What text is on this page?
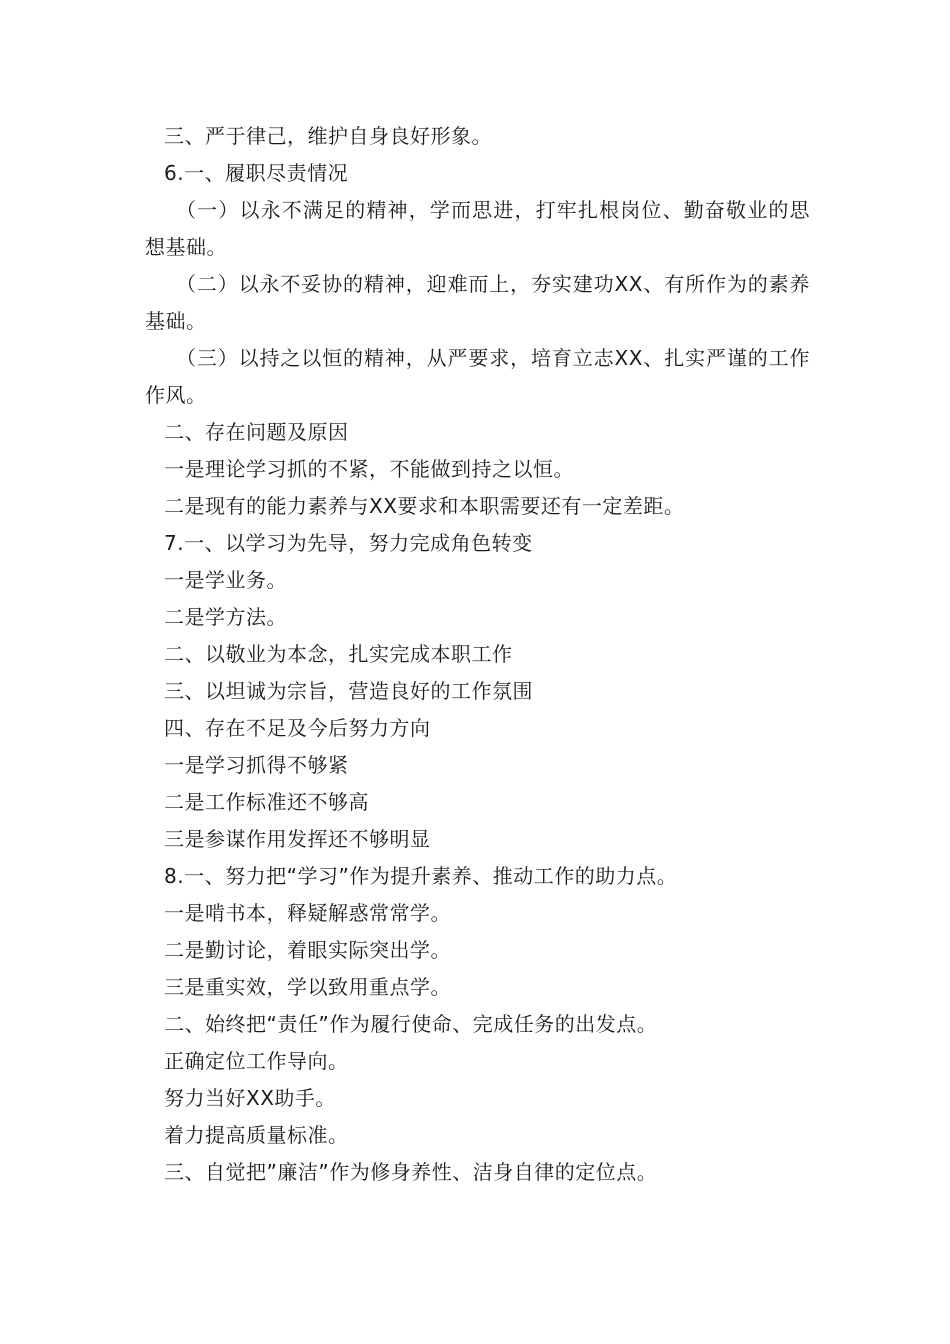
三、严于律己，维护自身良好形象。
6.一、履职尽责情况
（一）以永不满足的精神，学而思进，打牢扎根岗位、勤奋敬业的思想基础。
（二）以永不妥协的精神，迎难而上，夯实建功XX、有所作为的素养基础。
（三）以持之以恒的精神，从严要求，培育立志XX、扎实严谨的工作作风。
二、存在问题及原因
一是理论学习抓的不紧，不能做到持之以恒。
二是现有的能力素养与XX要求和本职需要还有一定差距。
7.一、以学习为先导，努力完成角色转变
一是学业务。
二是学方法。
二、以敬业为本念，扎实完成本职工作
三、以坦诚为宗旨，营造良好的工作氛围
四、存在不足及今后努力方向
一是学习抓得不够紧
二是工作标准还不够高
三是参谋作用发挥还不够明显
8.一、努力把“学习”作为提升素养、推动工作的助力点。
一是啃书本，释疑解惑常常学。
二是勤讨论，着眼实际突出学。
三是重实效，学以致用重点学。
二、始终把“责任”作为履行使命、完成任务的出发点。
正确定位工作导向。
努力当好XX助手。
着力提高质量标准。
三、自觉把”廉洁”作为修身养性、洁身自律的定位点。
